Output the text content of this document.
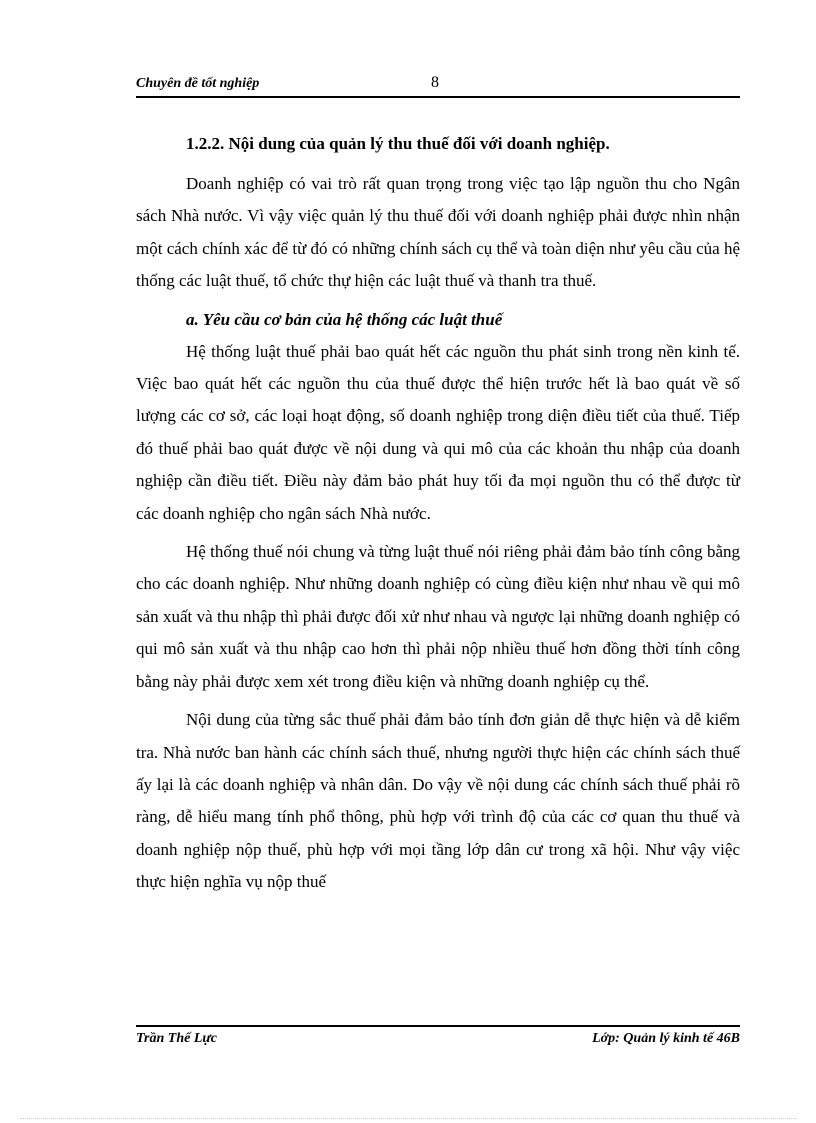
Chuyên đề tốt nghiệp	8

1.2.2. Nội dung của quản lý thu thuế đối với doanh nghiệp.

Doanh nghiệp có vai trò rất quan trọng trong việc tạo lập nguồn thu cho Ngân sách Nhà nước. Vì vậy việc quản lý thu thuế đối với doanh nghiệp phải được nhìn nhận một cách chính xác để từ đó có những chính sách cụ thể và toàn diện như yêu cầu của hệ thống các luật thuế, tổ chức thự hiện các luật thuế và thanh tra thuế.

a. Yêu cầu cơ bản của hệ thống các luật thuế

Hệ thống luật thuế phải bao quát hết các nguồn thu phát sinh trong nền kinh tế. Việc bao quát hết các nguồn thu của thuế được thể hiện trước hết là bao quát về số lượng các cơ sở, các loại hoạt động, số doanh nghiệp trong diện điều tiết của thuế. Tiếp đó thuế phải bao quát được về nội dung và qui mô của các khoản thu nhập của doanh nghiệp cần điều tiết. Điều này đảm bảo phát huy tối đa mọi nguồn thu có thể được từ các doanh nghiệp cho ngân sách Nhà nước.

Hệ thống thuế nói chung và từng luật thuế nói riêng phải đảm bảo tính công bằng cho các doanh nghiệp. Như những doanh nghiệp có cùng điều kiện như nhau về qui mô sản xuất và thu nhập thì phải được đối xử như nhau và ngược lại những doanh nghiệp có qui mô sản xuất và thu nhập cao hơn thì phải nộp nhiều thuế hơn đồng thời tính công bằng này phải được xem xét trong điều kiện và những doanh nghiệp cụ thể.

Nội dung của từng sắc thuế phải đảm bảo tính đơn giản dễ thực hiện và dễ kiểm tra. Nhà nước ban hành các chính sách thuế, nhưng người thực hiện các chính sách thuế ấy lại là các doanh nghiệp và nhân dân. Do vậy về nội dung các chính sách thuế phải rõ ràng, dễ hiểu mang tính phổ thông, phù hợp với trình độ của các cơ quan thu thuế và doanh nghiệp nộp thuế, phù hợp với mọi tầng lớp dân cư trong xã hội. Như vậy việc thực hiện nghĩa vụ nộp thuế

Trần Thế Lực	Lớp: Quản lý kinh tế 46B
